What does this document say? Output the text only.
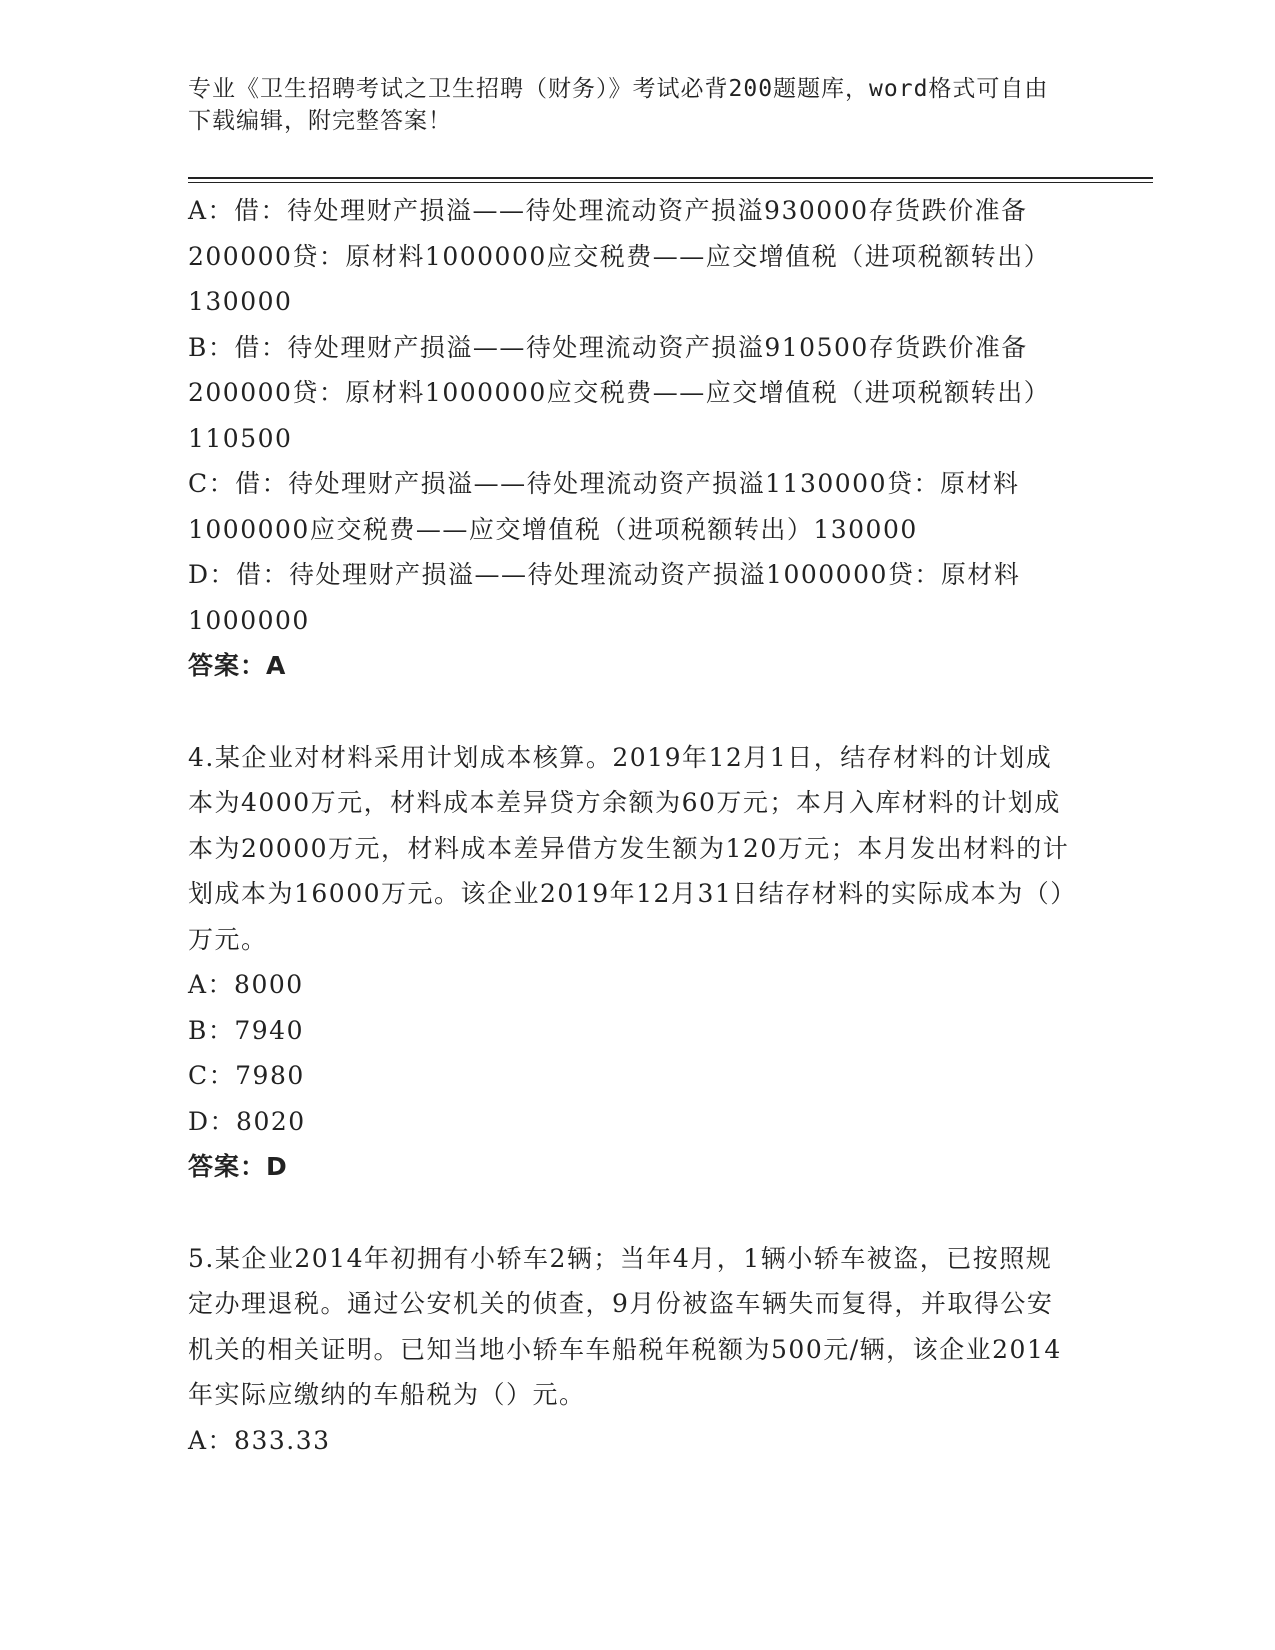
专业《卫生招聘考试之卫生招聘（财务）》考试必背200题题库，word格式可自由下载编辑，附完整答案！

A：借：待处理财产损溢——待处理流动资产损溢930000存货跌价准备200000贷：原材料1000000应交税费——应交增值税（进项税额转出）130000

B：借：待处理财产损溢——待处理流动资产损溢910500存货跌价准备200000贷：原材料1000000应交税费——应交增值税（进项税额转出）110500

C：借：待处理财产损溢——待处理流动资产损溢1130000贷：原材料1000000应交税费——应交增值税（进项税额转出）130000

D：借：待处理财产损溢——待处理流动资产损溢1000000贷：原材料1000000

答案：A

4.某企业对材料采用计划成本核算。2019年12月1日，结存材料的计划成本为4000万元，材料成本差异贷方余额为60万元；本月入库材料的计划成本为20000万元，材料成本差异借方发生额为120万元；本月发出材料的计划成本为16000万元。该企业2019年12月31日结存材料的实际成本为（）万元。

A：8000

B：7940

C：7980

D：8020

答案：D

5.某企业2014年初拥有小轿车2辆；当年4月，1辆小轿车被盗，已按照规定办理退税。通过公安机关的侦查，9月份被盗车辆失而复得，并取得公安机关的相关证明。已知当地小轿车车船税年税额为500元/辆，该企业2014年实际应缴纳的车船税为（）元。

A：833.33
